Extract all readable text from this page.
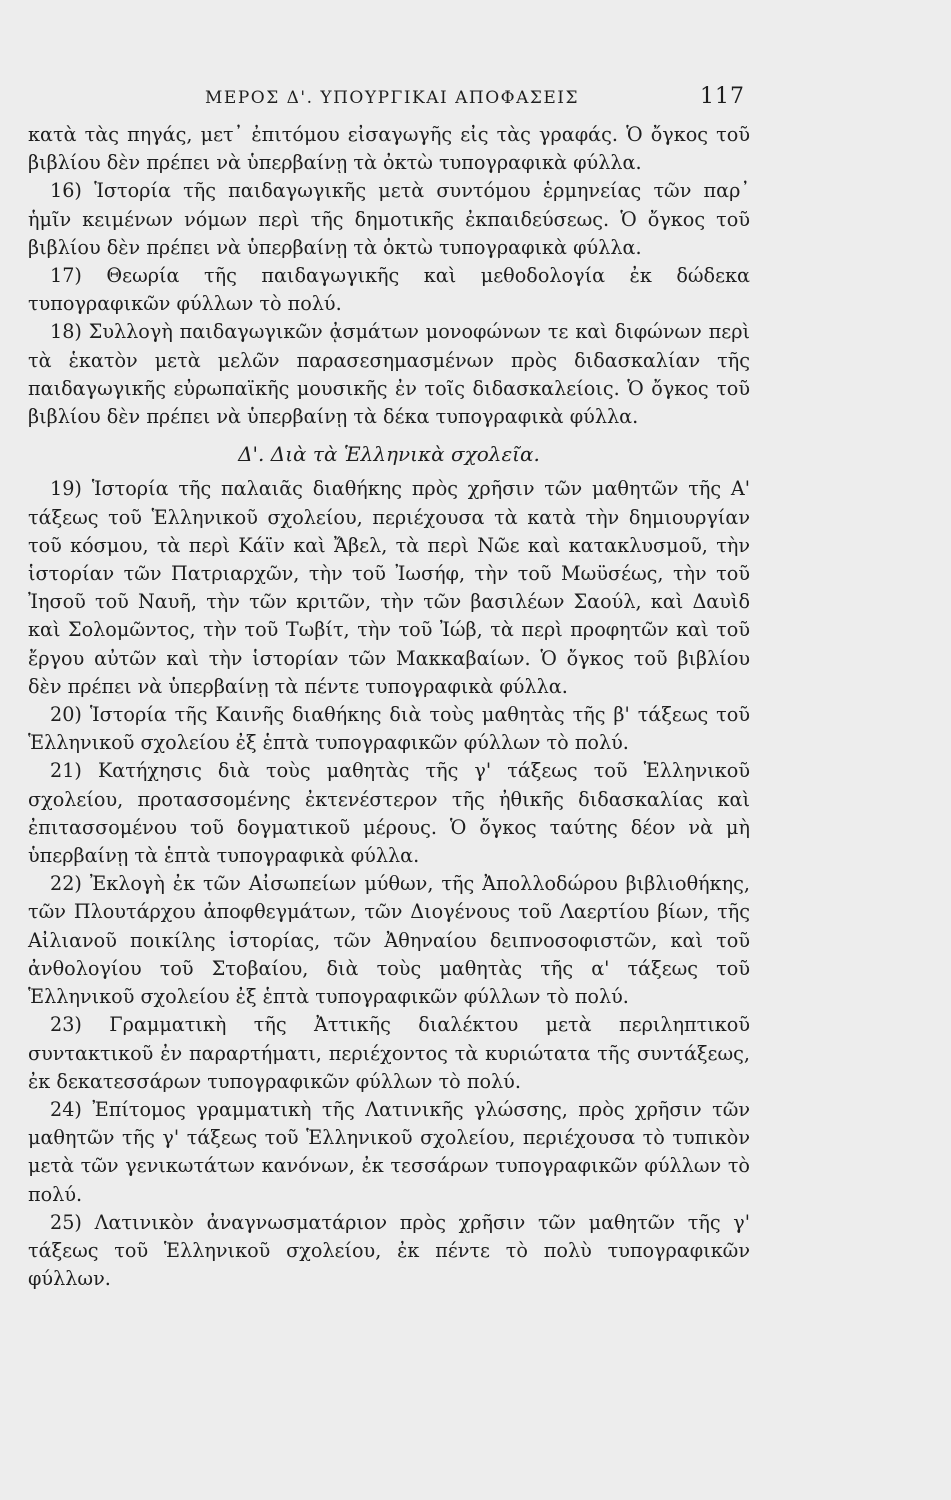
ΜΕΡΟΣ Δ'. ΥΠΟΥΡΓΙΚΑΙ ΑΠΟΦΑΣΕΙΣ	117

κατὰ τὰς πηγάς, μετ᾽ ἐπιτόμου εἰσαγωγῆς εἰς τὰς γραφάς. Ὁ ὄγκος τοῦ βιβλίου δὲν πρέπει νὰ ὑπερβαίνῃ τὰ ὀκτὼ τυπογραφικὰ φύλλα.

16) Ἱστορία τῆς παιδαγωγικῆς μετὰ συντόμου ἑρμηνείας τῶν παρ᾽ ἡμῖν κειμένων νόμων περὶ τῆς δημοτικῆς ἐκπαιδεύσεως. Ὁ ὄγκος τοῦ βιβλίου δὲν πρέπει νὰ ὑπερβαίνῃ τὰ ὀκτὼ τυπογραφικὰ φύλλα.

17) Θεωρία τῆς παιδαγωγικῆς καὶ μεθοδολογία ἐκ δώδεκα τυπογραφικῶν φύλλων τὸ πολύ.

18) Συλλογὴ παιδαγωγικῶν ᾀσμάτων μονοφώνων τε καὶ διφώνων περὶ τὰ ἑκατὸν μετὰ μελῶν παρασεσημασμένων πρὸς διδασκαλίαν τῆς παιδαγωγικῆς εὐρωπαϊκῆς μουσικῆς ἐν τοῖς διδασκαλείοις. Ὁ ὄγκος τοῦ βιβλίου δὲν πρέπει νὰ ὑπερβαίνῃ τὰ δέκα τυπογραφικὰ φύλλα.

Δ'. Διὰ τὰ Ἑλληνικὰ σχολεῖα.

19) Ἱστορία τῆς παλαιᾶς διαθήκης πρὸς χρῆσιν τῶν μαθητῶν τῆς Α' τάξεως τοῦ Ἑλληνικοῦ σχολείου, περιέχουσα τὰ κατὰ τὴν δημιουργίαν τοῦ κόσμου, τὰ περὶ Κάϊν καὶ Ἄβελ, τὰ περὶ Νῶε καὶ κατακλυσμοῦ, τὴν ἱστορίαν τῶν Πατριαρχῶν, τὴν τοῦ Ἰωσήφ, τὴν τοῦ Μωϋσέως, τὴν τοῦ Ἰησοῦ τοῦ Ναυῆ, τὴν τῶν κριτῶν, τὴν τῶν βασιλέων Σαούλ, καὶ Δαυὶδ καὶ Σολομῶντος, τὴν τοῦ Τωβίτ, τὴν τοῦ Ἰώβ, τὰ περὶ προφητῶν καὶ τοῦ ἔργου αὐτῶν καὶ τὴν ἱστορίαν τῶν Μακκαβαίων. Ὁ ὄγκος τοῦ βιβλίου δὲν πρέπει νὰ ὑπερβαίνῃ τὰ πέντε τυπογραφικὰ φύλλα.

20) Ἱστορία τῆς Καινῆς διαθήκης διὰ τοὺς μαθητὰς τῆς β' τάξεως τοῦ Ἑλληνικοῦ σχολείου ἐξ ἑπτὰ τυπογραφικῶν φύλλων τὸ πολύ.

21) Κατήχησις διὰ τοὺς μαθητὰς τῆς γ' τάξεως τοῦ Ἑλληνικοῦ σχολείου, προτασσομένης ἐκτενέστερον τῆς ἠθικῆς διδασκαλίας καὶ ἐπιτασσομένου τοῦ δογματικοῦ μέρους. Ὁ ὄγκος ταύτης δέον νὰ μὴ ὑπερβαίνῃ τὰ ἑπτὰ τυπογραφικὰ φύλλα.

22) Ἐκλογὴ ἐκ τῶν Αἰσωπείων μύθων, τῆς Ἀπολλοδώρου βιβλιοθήκης, τῶν Πλουτάρχου ἀποφθεγμάτων, τῶν Διογένους τοῦ Λαερτίου βίων, τῆς Αἰλιανοῦ ποικίλης ἱστορίας, τῶν Ἀθηναίου δειπνοσοφιστῶν, καὶ τοῦ ἀνθολογίου τοῦ Στοβαίου, διὰ τοὺς μαθητὰς τῆς α' τάξεως τοῦ Ἑλληνικοῦ σχολείου ἐξ ἑπτὰ τυπογραφικῶν φύλλων τὸ πολύ.

23) Γραμματικὴ τῆς Ἀττικῆς διαλέκτου μετὰ περιληπτικοῦ συντακτικοῦ ἐν παραρτήματι, περιέχοντος τὰ κυριώτατα τῆς συντάξεως, ἐκ δεκατεσσάρων τυπογραφικῶν φύλλων τὸ πολύ.

24) Ἐπίτομος γραμματικὴ τῆς Λατινικῆς γλώσσης, πρὸς χρῆσιν τῶν μαθητῶν τῆς γ' τάξεως τοῦ Ἑλληνικοῦ σχολείου, περιέχουσα τὸ τυπικὸν μετὰ τῶν γενικωτάτων κανόνων, ἐκ τεσσάρων τυπογραφικῶν φύλλων τὸ πολύ.

25) Λατινικὸν ἀναγνωσματάριον πρὸς χρῆσιν τῶν μαθητῶν τῆς γ' τάξεως τοῦ Ἑλληνικοῦ σχολείου, ἐκ πέντε τὸ πολὺ τυπογραφικῶν φύλλων.
